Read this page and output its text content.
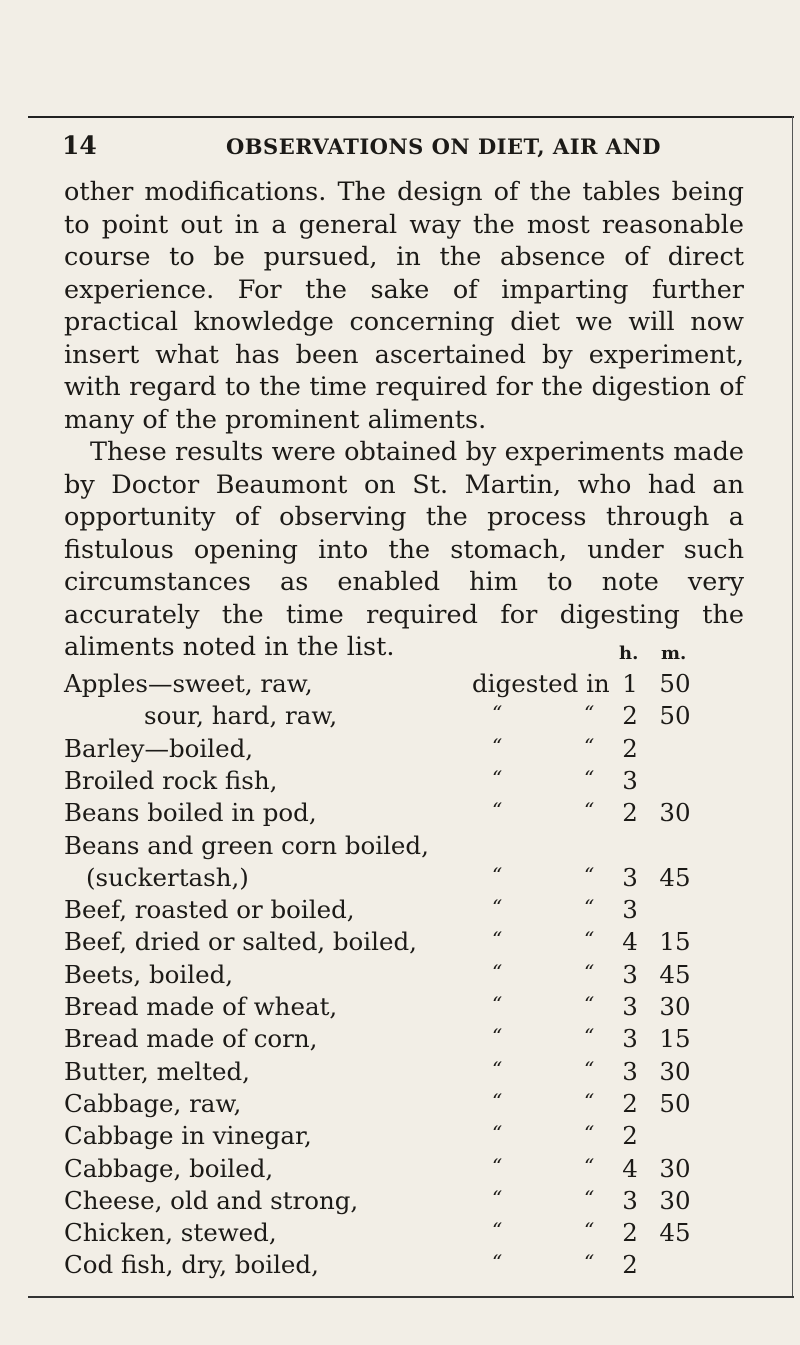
14	OBSERVATIONS ON DIET, AIR AND

other modifications. The design of the tables being to point out in a general way the most reasonable course to be pursued, in the absence of direct experience. For the sake of imparting further practical knowledge concerning diet we will now insert what has been ascertained by experiment, with regard to the time required for the digestion of many of the prominent aliments.

These results were obtained by experiments made by Doctor Beaumont on St. Martin, who had an opportunity of observing the process through a fistulous opening into the stomach, under such circumstances as enabled him to note very accurately the time required for digesting the aliments noted in the list.	h. m.
Apples—sweet, raw,	digested in 1 50
sour, hard, raw,	“	“ 2 50
Barley—boiled,	“	“ 2
Broiled rock fish,	“	“ 3
Beans boiled in pod,	“	“ 2 30
Beans and green corn boiled,
(suckertash,)	“	“ 3 45
Beef, roasted or boiled,	“	“ 3
Beef, dried or salted, boiled,	“	“ 4 15
Beets, boiled,	“	“ 3 45
Bread made of wheat,	“	“ 3 30
Bread made of corn,	“	“ 3 15
Butter, melted,	“	“ 3 30
Cabbage, raw,	“	“ 2 50
Cabbage in vinegar,	“	“ 2
Cabbage, boiled,	“	“ 4 30
Cheese, old and strong,	“	“ 3 30
Chicken, stewed,	“	“ 2 45
Cod fish, dry, boiled,	“	“ 2
